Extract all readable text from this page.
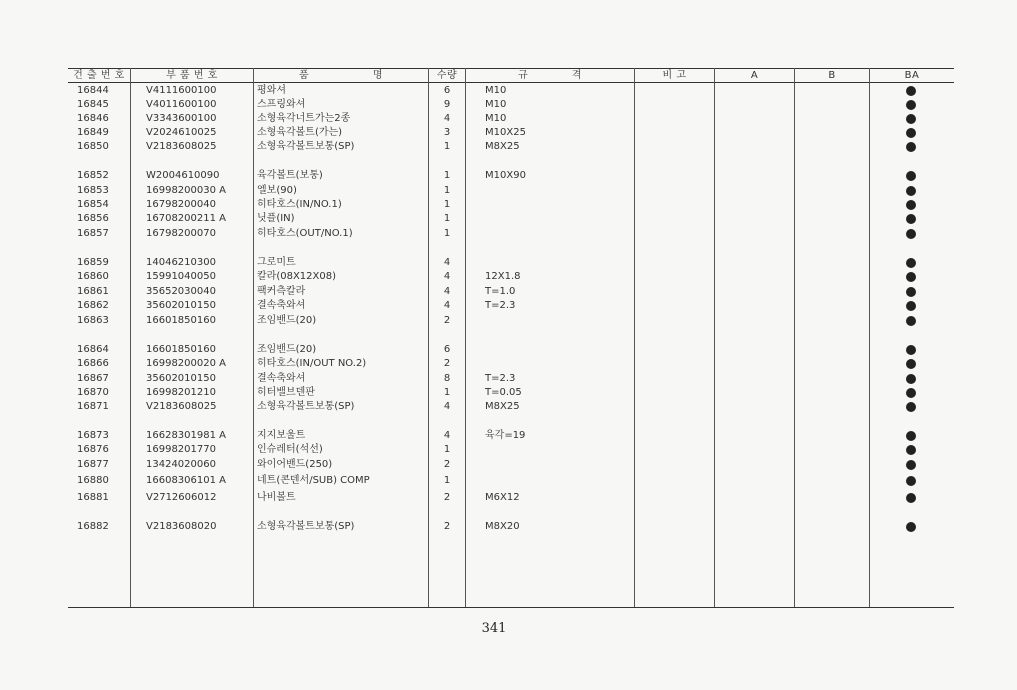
건 출 번 호	부 품 번 호	품 명	수량	규 격	비 고	A	B	BA
16844	V4111600100	평와셔	6	M10
16845	V4011600100	스프링와셔	9	M10
16846	V3343600100	소형육각너트가는2종	4	M10
16849	V2024610025	소형육각볼트(가는)	3	M10X25
16850	V2183608025	소형육각볼트보통(SP)	1	M8X25
16852	W2004610090	육각볼트(보통)	1	M10X90
16853	16998200030 A	엘보(90)	1
16854	16798200040	히타호스(IN/NO.1)	1
16856	16708200211 A	닛플(IN)	1
16857	16798200070	히타호스(OUT/NO.1)	1
16859	14046210300	그로미트	4
16860	15991040050	칼라(08X12X08)	4	12X1.8
16861	35652030040	팩커측칼라	4	T=1.0
16862	35602010150	결속축와셔	4	T=2.3
16863	16601850160	조임밴드(20)	2
16864	16601850160	조임밴드(20)	6
16866	16998200020 A	히타호스(IN/OUT NO.2)	2
16867	35602010150	결속축와셔	8	T=2.3
16870	16998201210	히터밸브덴판	1	T=0.05
16871	V2183608025	소형육각볼트보통(SP)	4	M8X25
16873	16628301981 A	지지보울트	4	육각=19
16876	16998201770	인슈레터(석선)	1
16877	13424020060	와이어밴드(250)	2
16880	16608306101 A	네트(콘덴서/SUB) COMP	1
16881	V2712606012	나비볼트	2	M6X12
16882	V2183608020	소형육각볼트보통(SP)	2	M8X20
341
